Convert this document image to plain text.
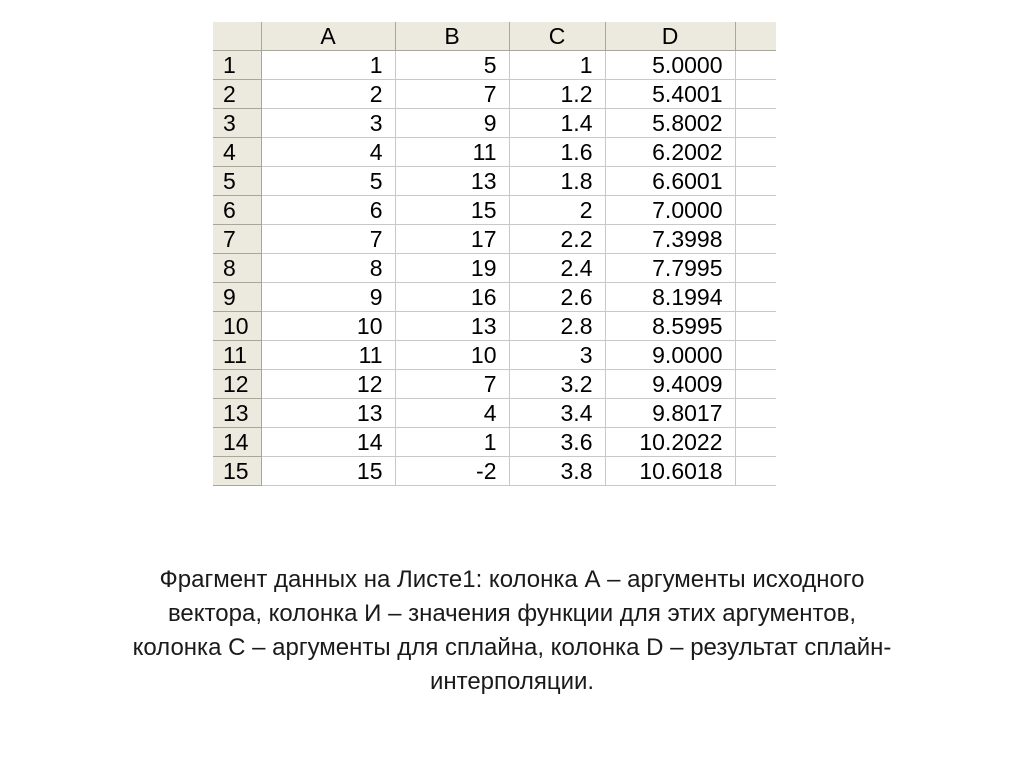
	A	B	C	D	
1	1	5	1	5.0000	
2	2	7	1.2	5.4001	
3	3	9	1.4	5.8002	
4	4	11	1.6	6.2002	
5	5	13	1.8	6.6001	
6	6	15	2	7.0000	
7	7	17	2.2	7.3998	
8	8	19	2.4	7.7995	
9	9	16	2.6	8.1994	
10	10	13	2.8	8.5995	
11	11	10	3	9.0000	
12	12	7	3.2	9.4009	
13	13	4	3.4	9.8017	
14	14	1	3.6	10.2022	
15	15	-2	3.8	10.6018	
Фрагмент данных на Листе1: колонка А – аргументы исходного
вектора, колонка И – значения функции для этих аргументов,
колонка С – аргументы для сплайна, колонка D – результат сплайн-
интерполяции.
